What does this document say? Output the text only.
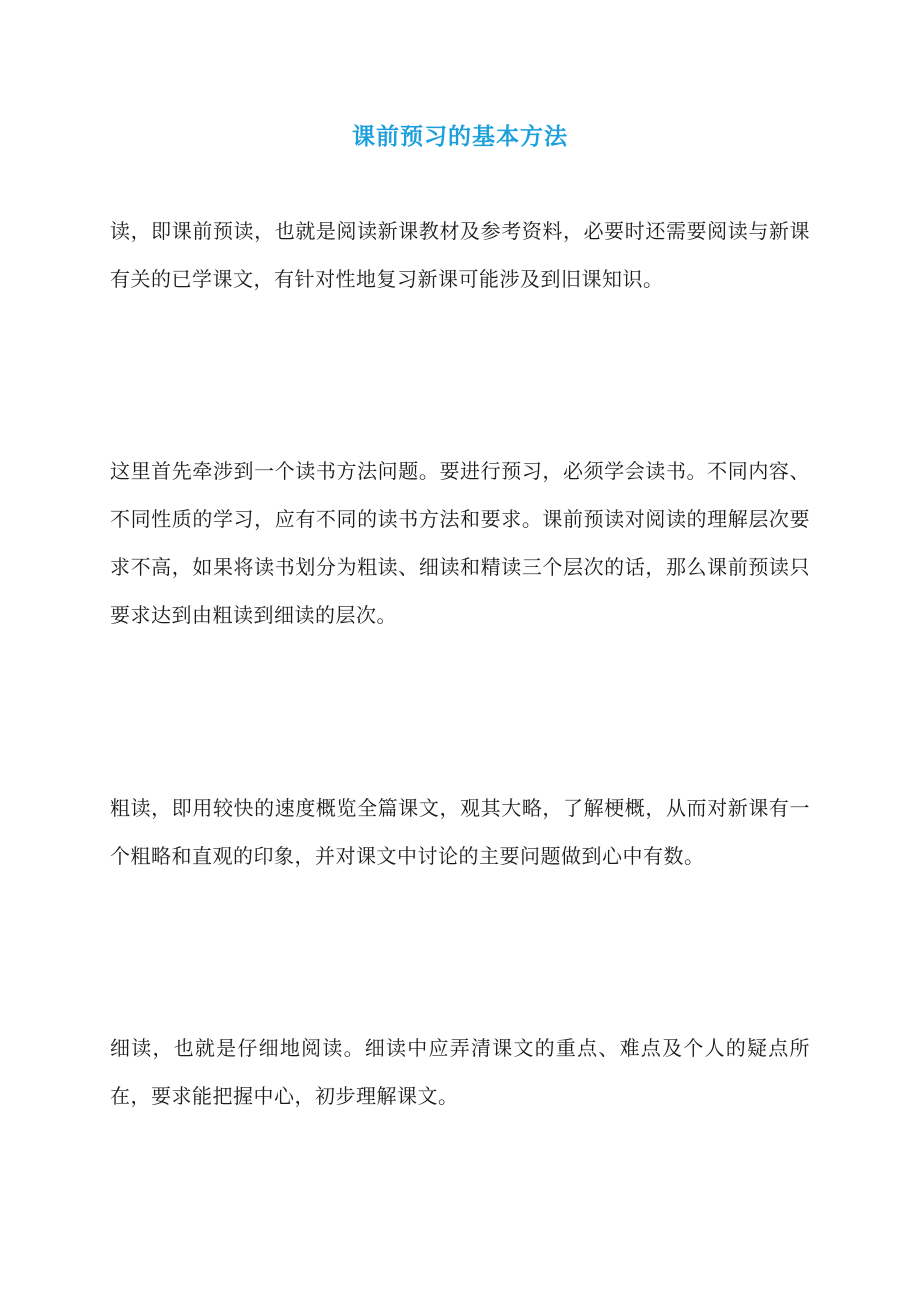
课前预习的基本方法

读，即课前预读，也就是阅读新课教材及参考资料，必要时还需要阅读与新课有关的已学课文，有针对性地复习新课可能涉及到旧课知识。

这里首先牵涉到一个读书方法问题。要进行预习，必须学会读书。不同内容、不同性质的学习，应有不同的读书方法和要求。课前预读对阅读的理解层次要求不高，如果将读书划分为粗读、细读和精读三个层次的话，那么课前预读只要求达到由粗读到细读的层次。

粗读，即用较快的速度概览全篇课文，观其大略，了解梗概，从而对新课有一个粗略和直观的印象，并对课文中讨论的主要问题做到心中有数。

细读，也就是仔细地阅读。细读中应弄清课文的重点、难点及个人的疑点所在，要求能把握中心，初步理解课文。
